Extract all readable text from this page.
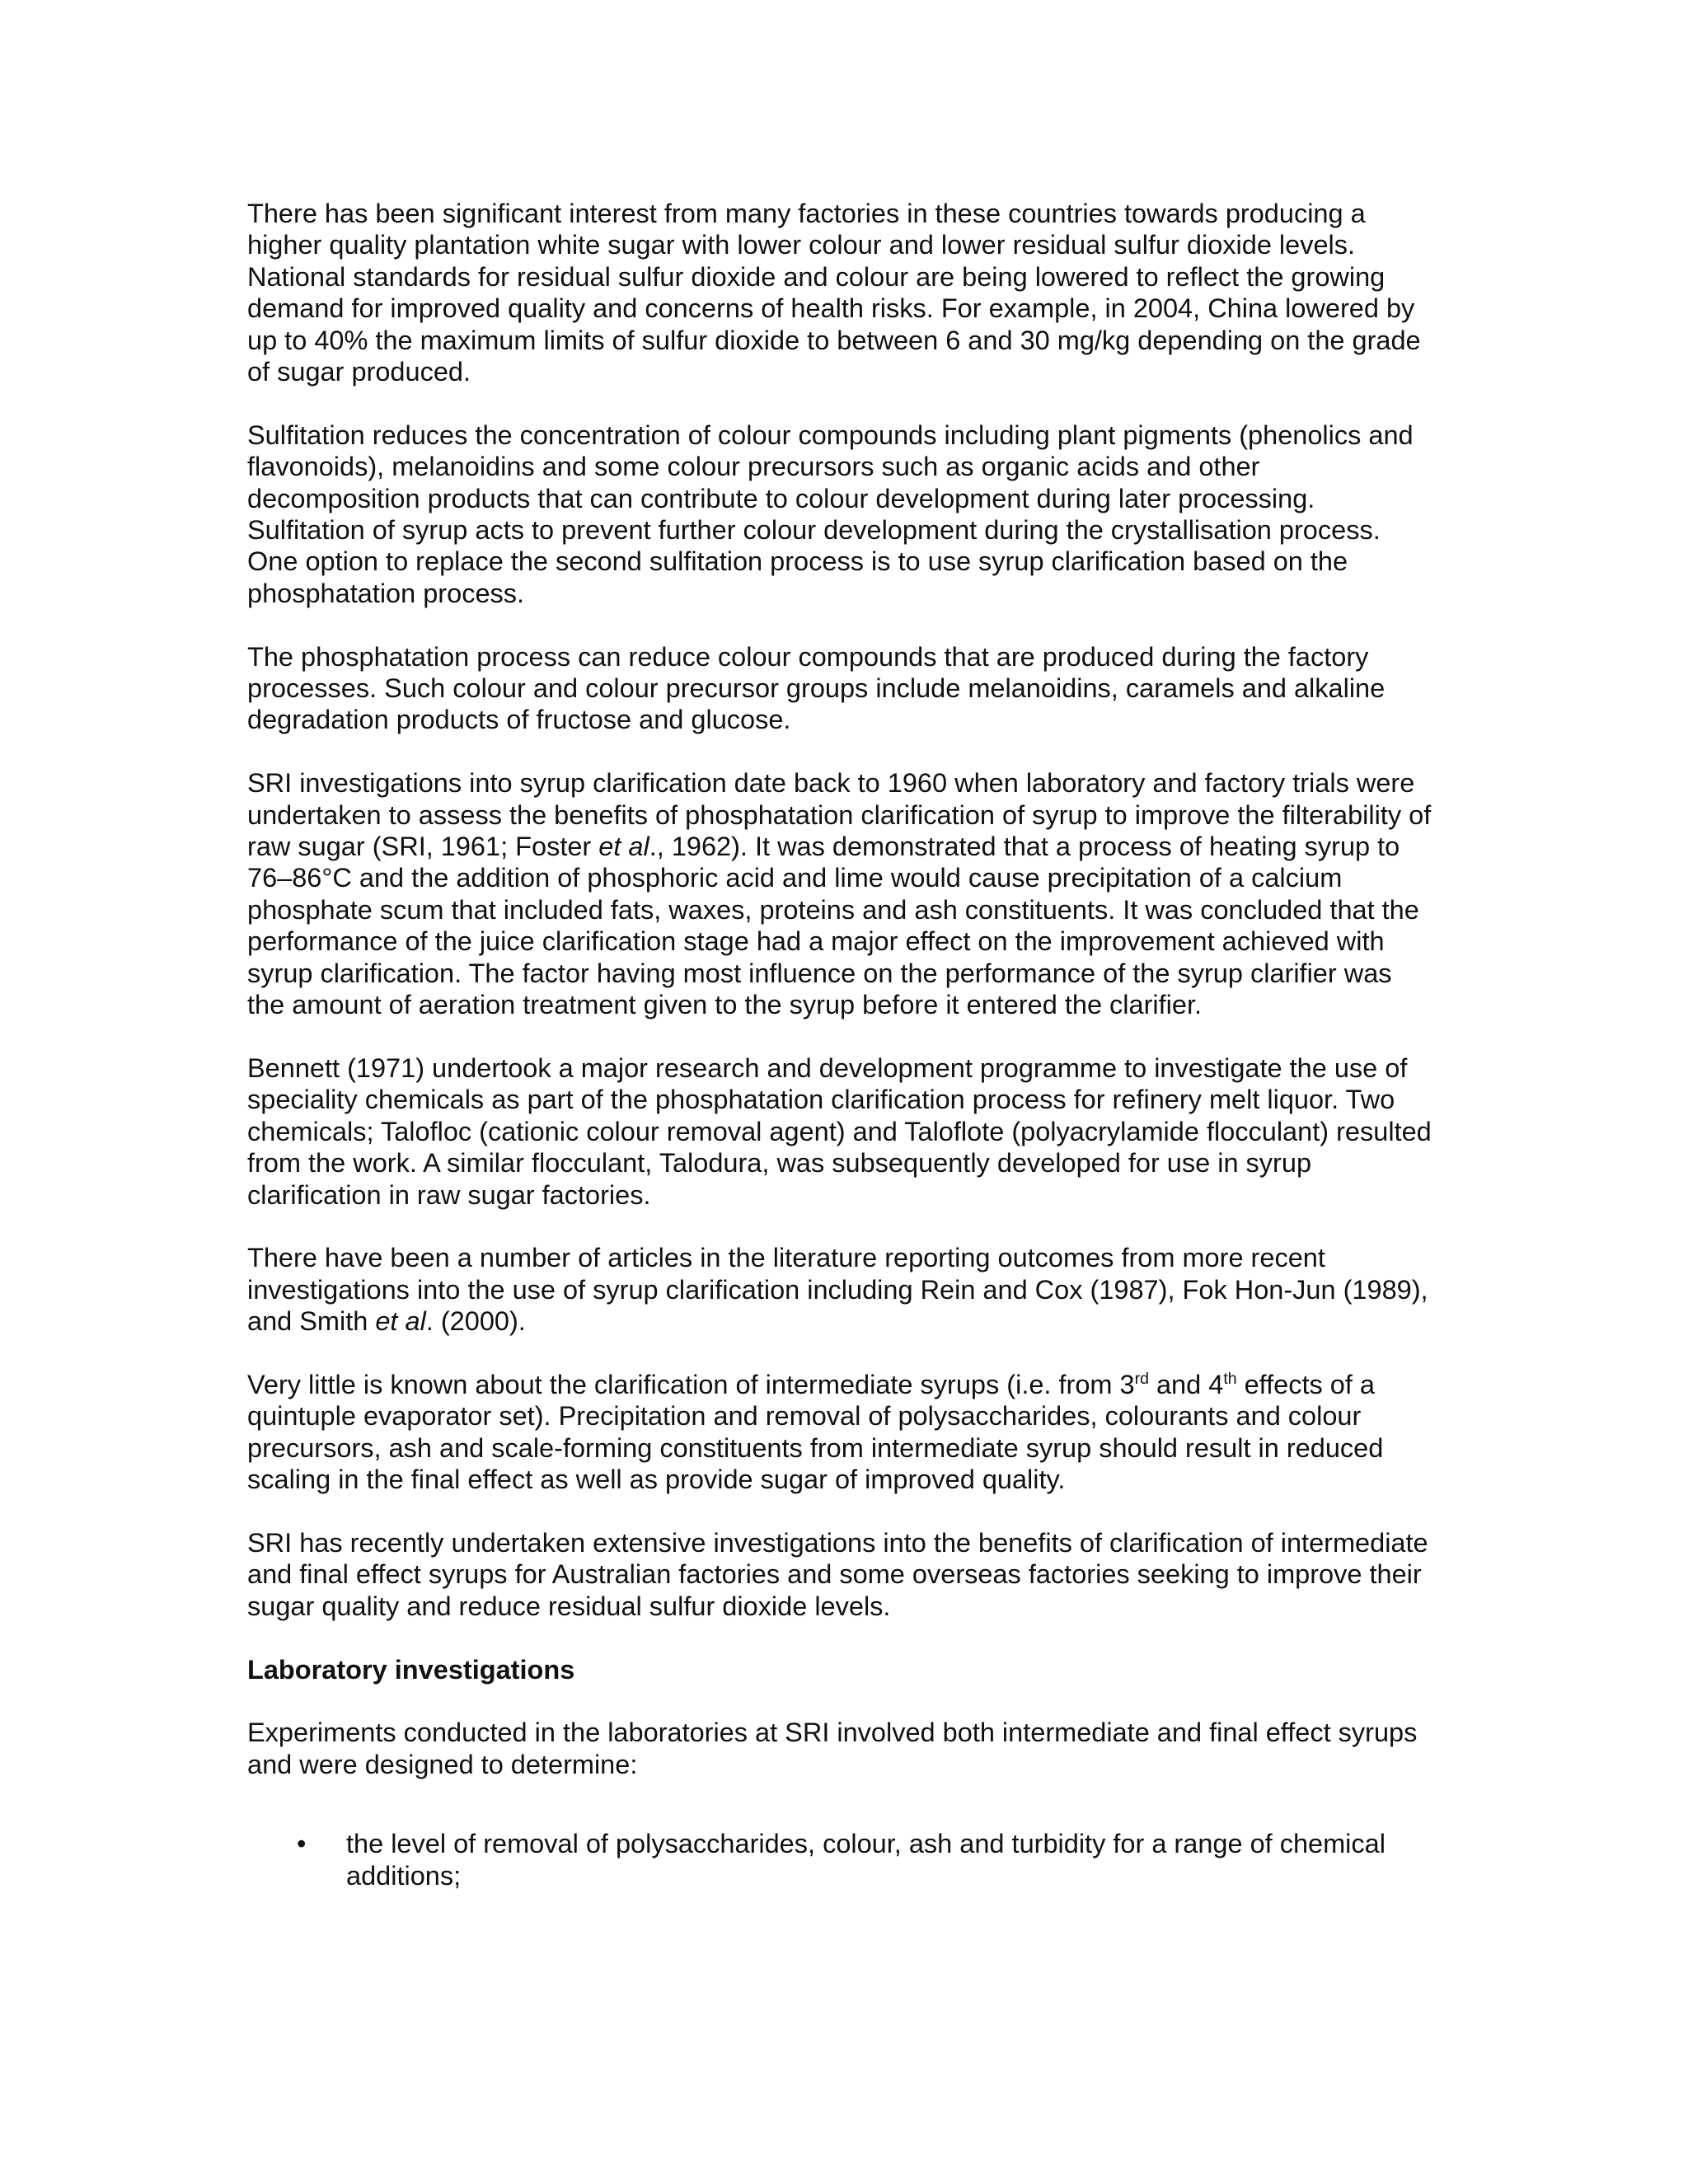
There has been significant interest from many factories in these countries towards producing a higher quality plantation white sugar with lower colour and lower residual sulfur dioxide levels. National standards for residual sulfur dioxide and colour are being lowered to reflect the growing demand for improved quality and concerns of health risks. For example, in 2004, China lowered by up to 40% the maximum limits of sulfur dioxide to between 6 and 30 mg/kg depending on the grade of sugar produced.

Sulfitation reduces the concentration of colour compounds including plant pigments (phenolics and flavonoids), melanoidins and some colour precursors such as organic acids and other decomposition products that can contribute to colour development during later processing. Sulfitation of syrup acts to prevent further colour development during the crystallisation process. One option to replace the second sulfitation process is to use syrup clarification based on the phosphatation process.

The phosphatation process can reduce colour compounds that are produced during the factory processes. Such colour and colour precursor groups include melanoidins, caramels and alkaline degradation products of fructose and glucose.

SRI investigations into syrup clarification date back to 1960 when laboratory and factory trials were undertaken to assess the benefits of phosphatation clarification of syrup to improve the filterability of raw sugar (SRI, 1961; Foster et al., 1962). It was demonstrated that a process of heating syrup to 76–86°C and the addition of phosphoric acid and lime would cause precipitation of a calcium phosphate scum that included fats, waxes, proteins and ash constituents. It was concluded that the performance of the juice clarification stage had a major effect on the improvement achieved with syrup clarification. The factor having most influence on the performance of the syrup clarifier was the amount of aeration treatment given to the syrup before it entered the clarifier.

Bennett (1971) undertook a major research and development programme to investigate the use of speciality chemicals as part of the phosphatation clarification process for refinery melt liquor. Two chemicals; Talofloc (cationic colour removal agent) and Taloflote (polyacrylamide flocculant) resulted from the work. A similar flocculant, Talodura, was subsequently developed for use in syrup clarification in raw sugar factories.

There have been a number of articles in the literature reporting outcomes from more recent investigations into the use of syrup clarification including Rein and Cox (1987), Fok Hon-Jun (1989), and Smith et al. (2000).

Very little is known about the clarification of intermediate syrups (i.e. from 3rd and 4th effects of a quintuple evaporator set). Precipitation and removal of polysaccharides, colourants and colour precursors, ash and scale-forming constituents from intermediate syrup should result in reduced scaling in the final effect as well as provide sugar of improved quality.

SRI has recently undertaken extensive investigations into the benefits of clarification of intermediate and final effect syrups for Australian factories and some overseas factories seeking to improve their sugar quality and reduce residual sulfur dioxide levels.

Laboratory investigations

Experiments conducted in the laboratories at SRI involved both intermediate and final effect syrups and were designed to determine:

• the level of removal of polysaccharides, colour, ash and turbidity for a range of chemical additions;
